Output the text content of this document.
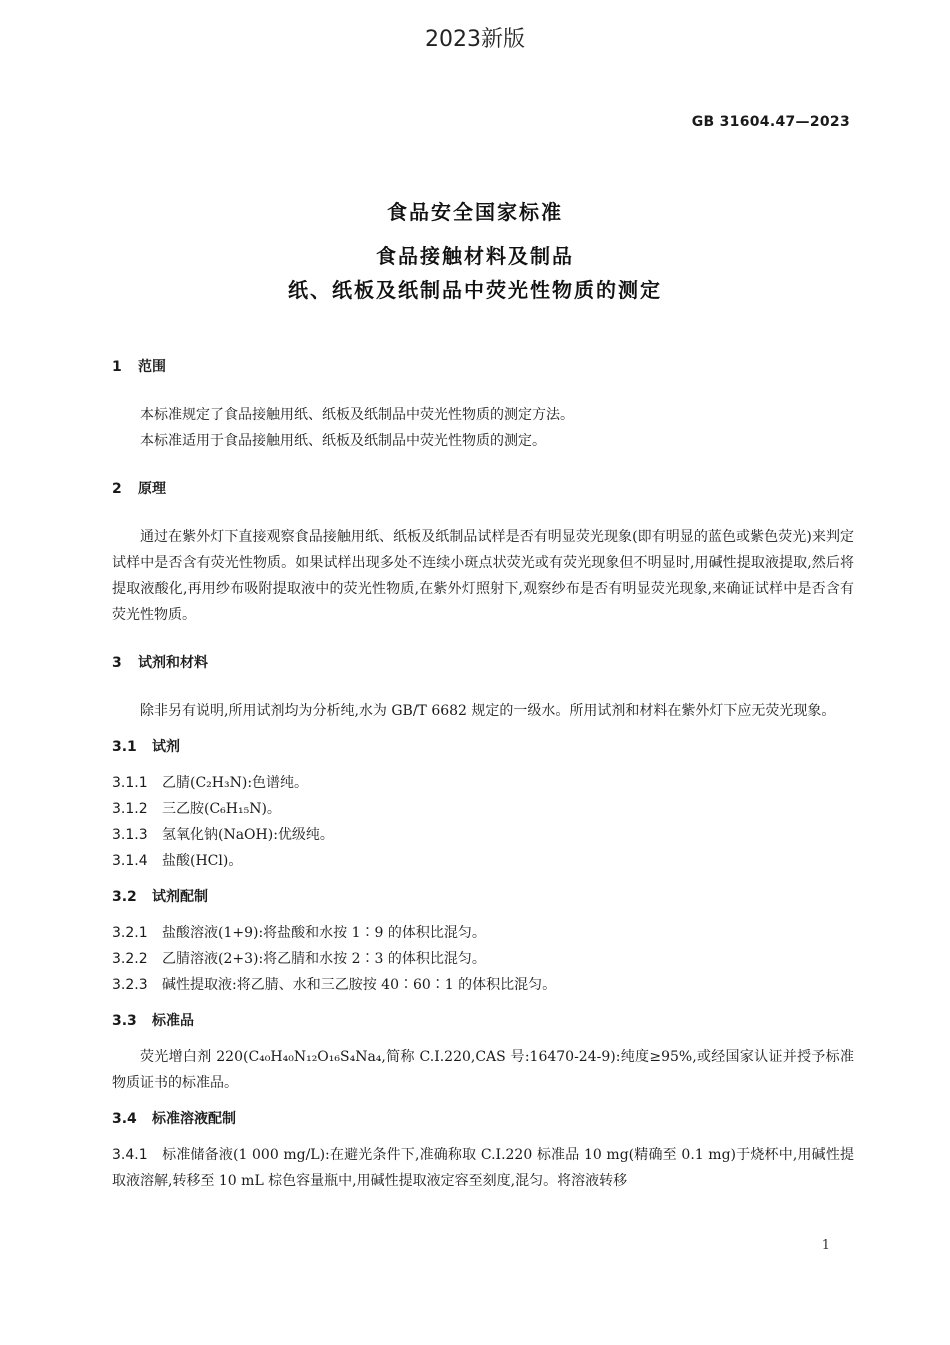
2023新版
GB 31604.47—2023
食品安全国家标准
食品接触材料及制品
纸、纸板及纸制品中荧光性物质的测定
1 范围
本标准规定了食品接触用纸、纸板及纸制品中荧光性物质的测定方法。
本标准适用于食品接触用纸、纸板及纸制品中荧光性物质的测定。
2 原理
通过在紫外灯下直接观察食品接触用纸、纸板及纸制品试样是否有明显荧光现象(即有明显的蓝色或紫色荧光)来判定试样中是否含有荧光性物质。如果试样出现多处不连续小斑点状荧光或有荧光现象但不明显时,用碱性提取液提取,然后将提取液酸化,再用纱布吸附提取液中的荧光性物质,在紫外灯照射下,观察纱布是否有明显荧光现象,来确证试样中是否含有荧光性物质。
3 试剂和材料
除非另有说明,所用试剂均为分析纯,水为 GB/T 6682 规定的一级水。所用试剂和材料在紫外灯下应无荧光现象。
3.1 试剂
3.1.1 乙腈(C₂H₃N):色谱纯。
3.1.2 三乙胺(C₆H₁₅N)。
3.1.3 氢氧化钠(NaOH):优级纯。
3.1.4 盐酸(HCl)。
3.2 试剂配制
3.2.1 盐酸溶液(1+9):将盐酸和水按 1∶9 的体积比混匀。
3.2.2 乙腈溶液(2+3):将乙腈和水按 2∶3 的体积比混匀。
3.2.3 碱性提取液:将乙腈、水和三乙胺按 40∶60∶1 的体积比混匀。
3.3 标准品
荧光增白剂 220(C₄₀H₄₀N₁₂O₁₆S₄Na₄,简称 C.I.220,CAS 号:16470-24-9):纯度≥95%,或经国家认证并授予标准物质证书的标准品。
3.4 标准溶液配制
3.4.1 标准储备液(1 000 mg/L):在避光条件下,准确称取 C.I.220 标准品 10 mg(精确至 0.1 mg)于烧杯中,用碱性提取液溶解,转移至 10 mL 棕色容量瓶中,用碱性提取液定容至刻度,混匀。将溶液转移
1
